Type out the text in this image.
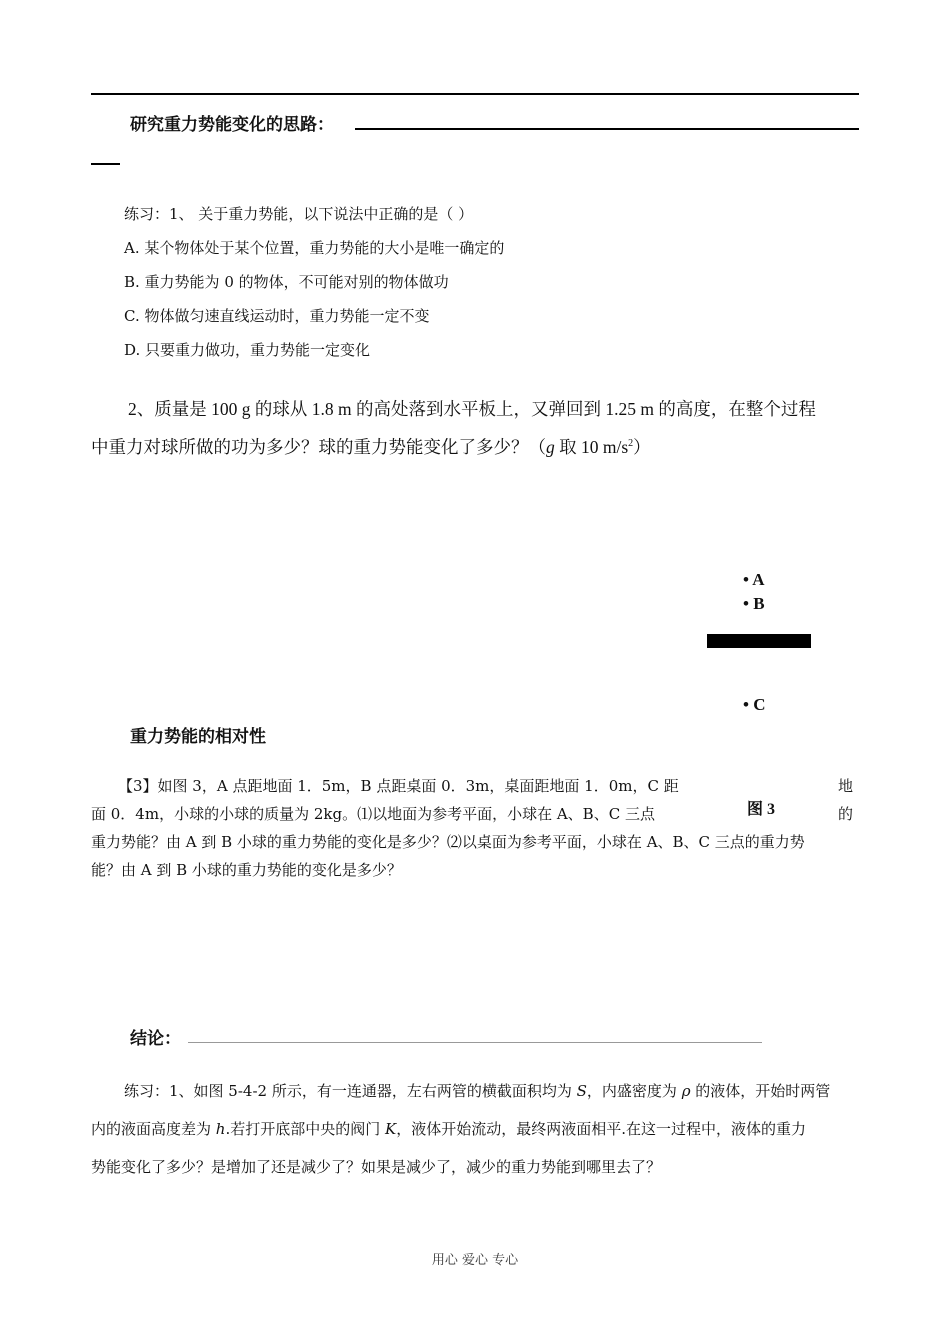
研究重力势能变化的思路：
练习：1、 关于重力势能，以下说法中正确的是（ ）
A. 某个物体处于某个位置，重力势能的大小是唯一确定的
B. 重力势能为 0 的物体，不可能对别的物体做功
C. 物体做匀速直线运动时，重力势能一定不变
D. 只要重力做功，重力势能一定变化
2、质量是 100 g 的球从 1.8 m 的高处落到水平板上，又弹回到 1.25 m 的高度，在整个过程
中重力对球所做的功为多少？球的重力势能变化了多少？（g 取 10 $m/s^2$）
• A
• B
• C
图 3
重力势能的相对性
【3】如图 3，A 点距地面 1．5m，B 点距桌面 0．3m，桌面距地面 1．0m，C 距	地
面 0．4m，小球的小球的质量为 2kg。⑴以地面为参考平面，小球在 A、B、C 三点	的
重力势能？由 A 到 B 小球的重力势能的变化是多少？⑵以桌面为参考平面，小球在 A、B、C 三点的重力势
能？由 A 到 B 小球的重力势能的变化是多少？
结论：
练习：1、如图 5-4-2 所示，有一连通器，左右两管的横截面积均为 S，内盛密度为 ρ 的液体，开始时两管
内的液面高度差为 h.若打开底部中央的阀门 K，液体开始流动，最终两液面相平.在这一过程中，液体的重力
势能变化了多少？是增加了还是减少了？如果是减少了，减少的重力势能到哪里去了？
用心 爱心 专心
